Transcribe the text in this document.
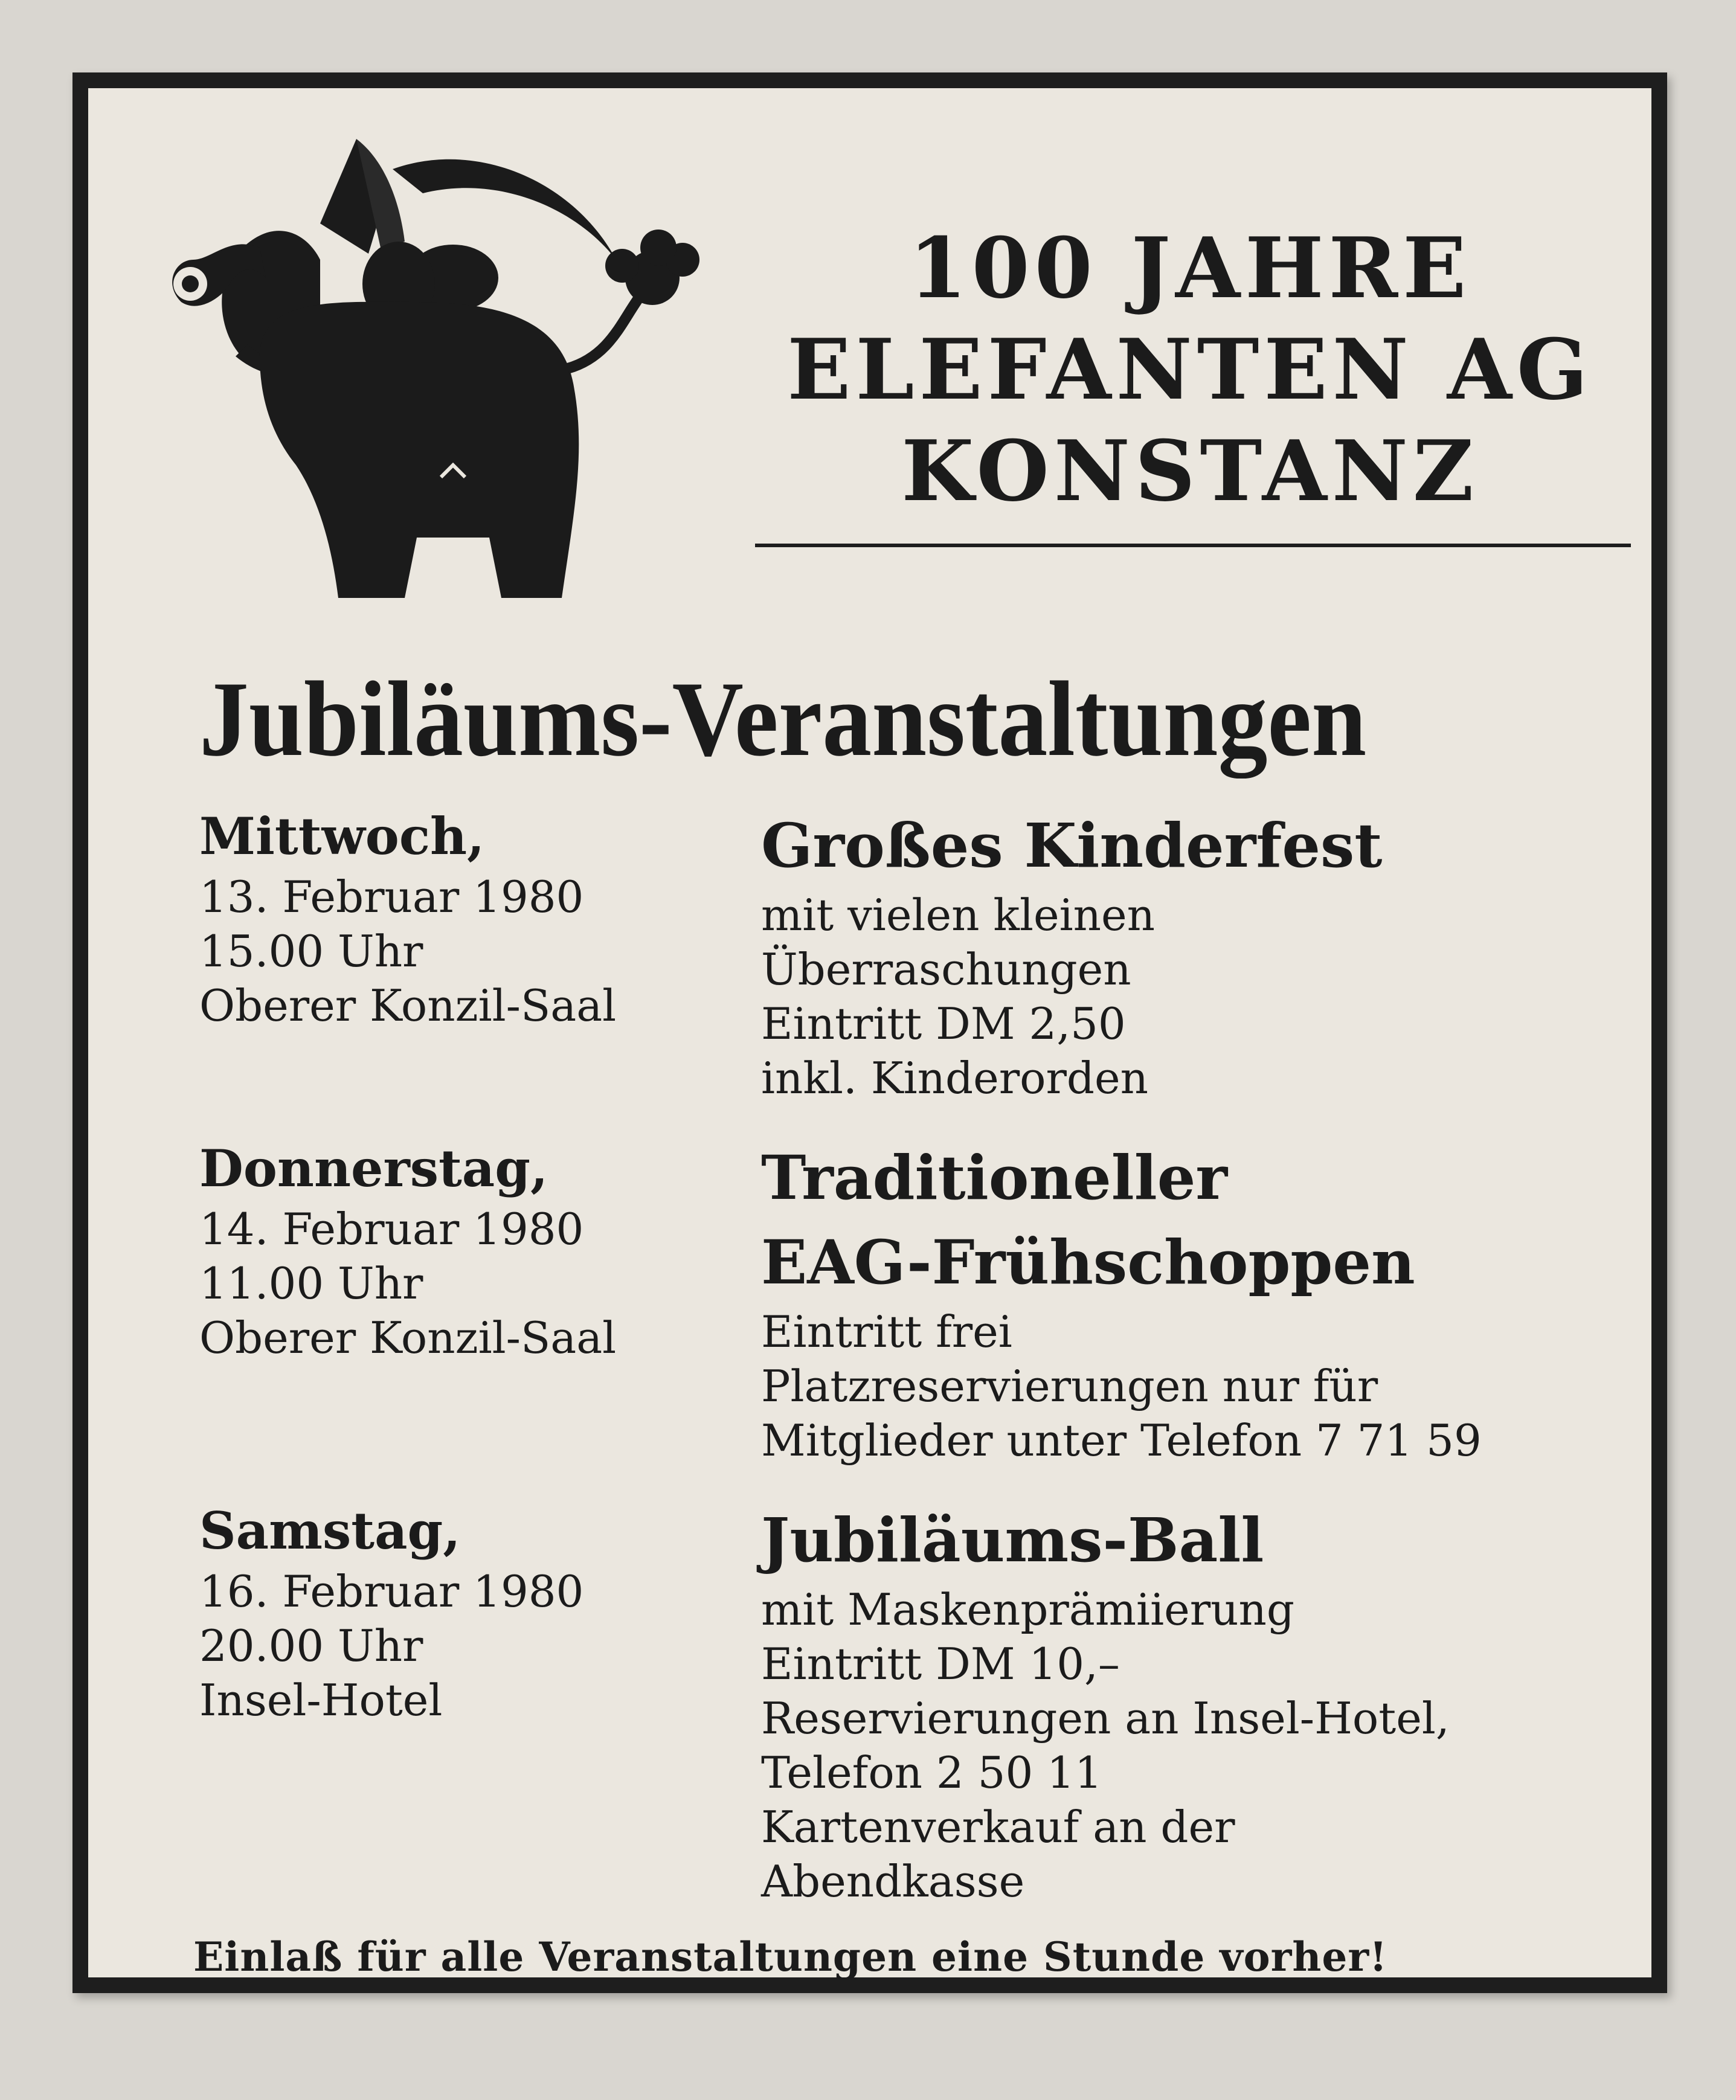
100 JAHRE
ELEFANTEN AG
KONSTANZ
Jubiläums-Veranstaltungen
Mittwoch,
13. Februar 1980
15.00 Uhr
Oberer Konzil-Saal
Großes Kinderfest
mit vielen kleinen
Überraschungen
Eintritt DM 2,50
inkl. Kinderorden
Donnerstag,
14. Februar 1980
11.00 Uhr
Oberer Konzil-Saal
Traditioneller
EAG-Frühschoppen
Eintritt frei
Platzreservierungen nur für
Mitglieder unter Telefon 7 71 59
Samstag,
16. Februar 1980
20.00 Uhr
Insel-Hotel
Jubiläums-Ball
mit Maskenprämiierung
Eintritt DM 10,–
Reservierungen an Insel-Hotel,
Telefon 2 50 11
Kartenverkauf an der
Abendkasse
Einlaß für alle Veranstaltungen eine Stunde vorher!
